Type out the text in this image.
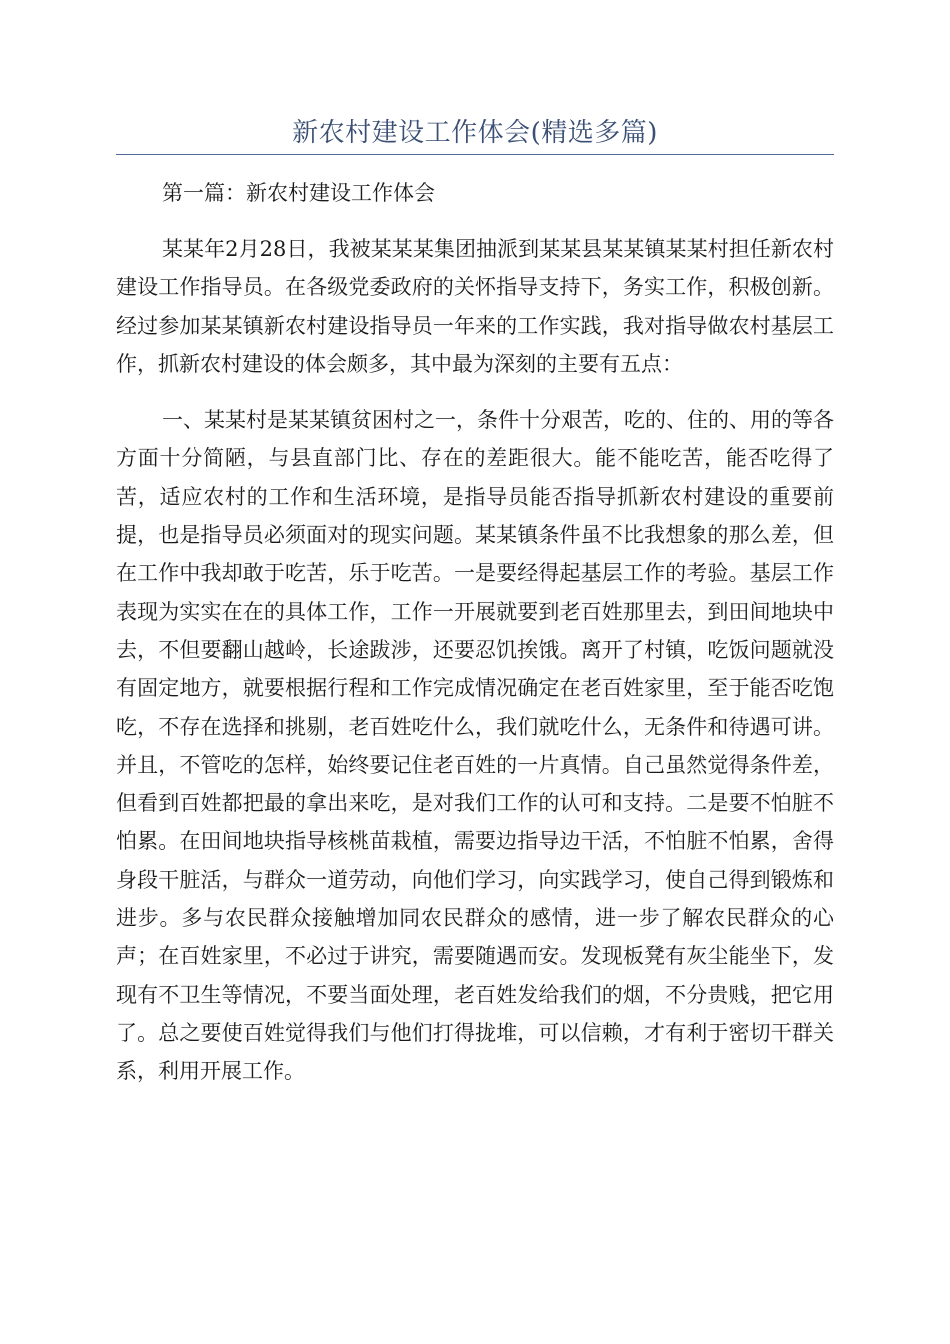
新农村建设工作体会(精选多篇)

第一篇：新农村建设工作体会

某某年2月28日，我被某某某集团抽派到某某县某某镇某某村担任新农村建设工作指导员。在各级党委政府的关怀指导支持下，务实工作，积极创新。经过参加某某镇新农村建设指导员一年来的工作实践，我对指导做农村基层工作，抓新农村建设的体会颇多，其中最为深刻的主要有五点：

一、某某村是某某镇贫困村之一，条件十分艰苦，吃的、住的、用的等各方面十分简陋，与县直部门比、存在的差距很大。能不能吃苦，能否吃得了苦，适应农村的工作和生活环境，是指导员能否指导抓新农村建设的重要前提，也是指导员必须面对的现实问题。某某镇条件虽不比我想象的那么差，但在工作中我却敢于吃苦，乐于吃苦。一是要经得起基层工作的考验。基层工作表现为实实在在的具体工作，工作一开展就要到老百姓那里去，到田间地块中去，不但要翻山越岭，长途跋涉，还要忍饥挨饿。离开了村镇，吃饭问题就没有固定地方，就要根据行程和工作完成情况确定在老百姓家里，至于能否吃饱吃，不存在选择和挑剔，老百姓吃什么，我们就吃什么，无条件和待遇可讲。并且，不管吃的怎样，始终要记住老百姓的一片真情。自己虽然觉得条件差，但看到百姓都把最的拿出来吃，是对我们工作的认可和支持。二是要不怕脏不怕累。在田间地块指导核桃苗栽植，需要边指导边干活，不怕脏不怕累，舍得身段干脏活，与群众一道劳动，向他们学习，向实践学习，使自己得到锻炼和进步。多与农民群众接触增加同农民群众的感情，进一步了解农民群众的心声；在百姓家里，不必过于讲究，需要随遇而安。发现板凳有灰尘能坐下，发现有不卫生等情况，不要当面处理，老百姓发给我们的烟，不分贵贱，把它用了。总之要使百姓觉得我们与他们打得拢堆，可以信赖，才有利于密切干群关系，利用开展工作。
